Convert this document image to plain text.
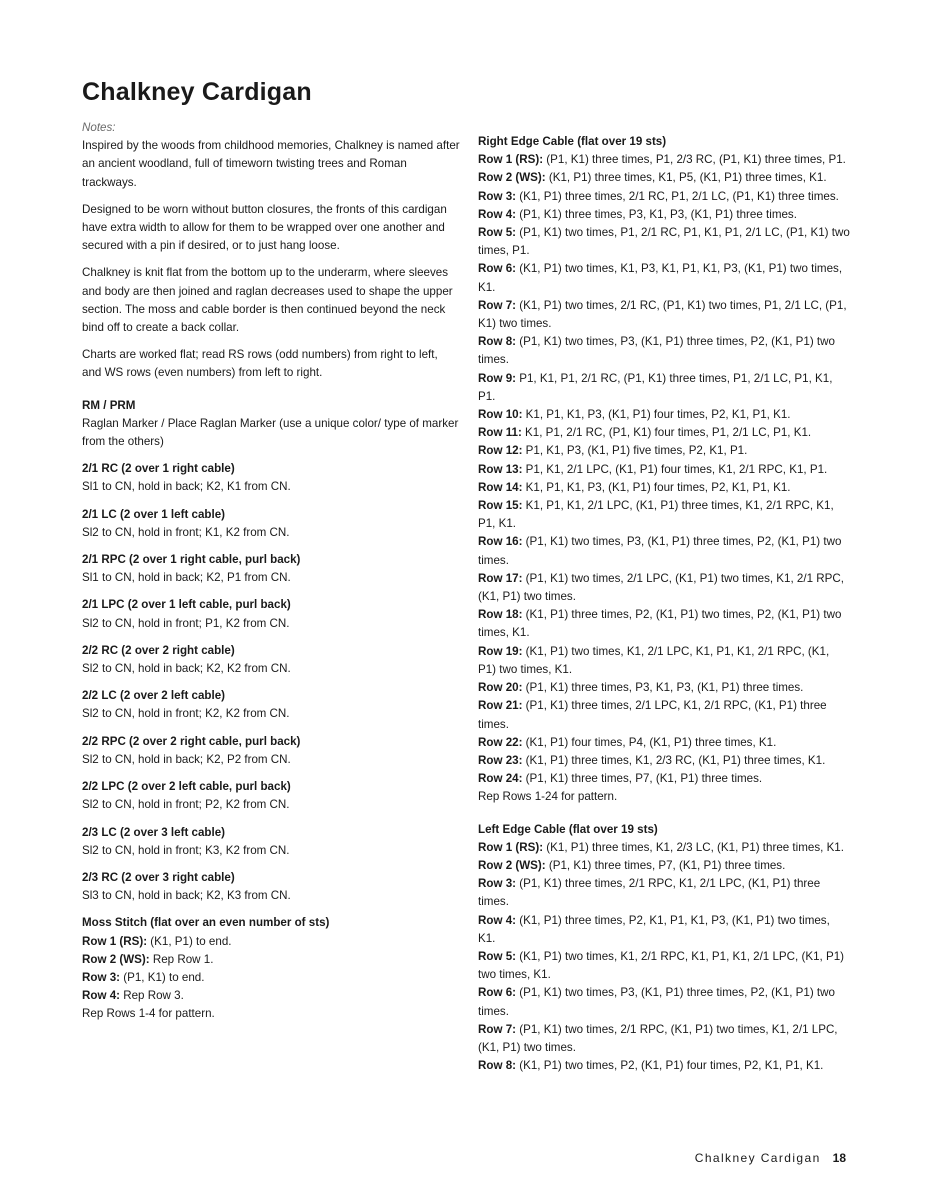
Chalkney Cardigan
Notes:

Inspired by the woods from childhood memories, Chalkney is named after an ancient woodland, full of timeworn twisting trees and Roman trackways.

Designed to be worn without button closures, the fronts of this cardigan have extra width to allow for them to be wrapped over one another and secured with a pin if desired, or to just hang loose.

Chalkney is knit flat from the bottom up to the underarm, where sleeves and body are then joined and raglan decreases used to shape the upper section. The moss and cable border is then continued beyond the neck bind off to create a back collar.

Charts are worked flat; read RS rows (odd numbers) from right to left, and WS rows (even numbers) from left to right.

RM / PRM
Raglan Marker / Place Raglan Marker (use a unique color/ type of marker from the others)
2/1 RC (2 over 1 right cable)
Sl1 to CN, hold in back; K2, K1 from CN.
2/1 LC (2 over 1 left cable)
Sl2 to CN, hold in front; K1, K2 from CN.
2/1 RPC (2 over 1 right cable, purl back)
Sl1 to CN, hold in back; K2, P1 from CN.
2/1 LPC (2 over 1 left cable, purl back)
Sl2 to CN, hold in front; P1, K2 from CN.
2/2 RC (2 over 2 right cable)
Sl2 to CN, hold in back; K2, K2 from CN.
2/2 LC (2 over 2 left cable)
Sl2 to CN, hold in front; K2, K2 from CN.
2/2 RPC (2 over 2 right cable, purl back)
Sl2 to CN, hold in back; K2, P2 from CN.
2/2 LPC (2 over 2 left cable, purl back)
Sl2 to CN, hold in front; P2, K2 from CN.
2/3 LC (2 over 3 left cable)
Sl2 to CN, hold in front; K3, K2 from CN.
2/3 RC (2 over 3 right cable)
Sl3 to CN, hold in back; K2, K3 from CN.
Moss Stitch (flat over an even number of sts)
Row 1 (RS): (K1, P1) to end.
Row 2 (WS): Rep Row 1.
Row 3: (P1, K1) to end.
Row 4: Rep Row 3.
Rep Rows 1-4 for pattern.
Right Edge Cable (flat over 19 sts)
Row 1 (RS): (P1, K1) three times, P1, 2/3 RC, (P1, K1) three times, P1.
Row 2 (WS): (K1, P1) three times, K1, P5, (K1, P1) three times, K1.
Row 3: (K1, P1) three times, 2/1 RC, P1, 2/1 LC, (P1, K1) three times.
Row 4: (P1, K1) three times, P3, K1, P3, (K1, P1) three times.
Row 5: (P1, K1) two times, P1, 2/1 RC, P1, K1, P1, 2/1 LC, (P1, K1) two times, P1.
Row 6: (K1, P1) two times, K1, P3, K1, P1, K1, P3, (K1, P1) two times, K1.
Row 7: (K1, P1) two times, 2/1 RC, (P1, K1) two times, P1, 2/1 LC, (P1, K1) two times.
Row 8: (P1, K1) two times, P3, (K1, P1) three times, P2, (K1, P1) two times.
Row 9: P1, K1, P1, 2/1 RC, (P1, K1) three times, P1, 2/1 LC, P1, K1, P1.
Row 10: K1, P1, K1, P3, (K1, P1) four times, P2, K1, P1, K1.
Row 11: K1, P1, 2/1 RC, (P1, K1) four times, P1, 2/1 LC, P1, K1.
Row 12: P1, K1, P3, (K1, P1) five times, P2, K1, P1.
Row 13: P1, K1, 2/1 LPC, (K1, P1) four times, K1, 2/1 RPC, K1, P1.
Row 14: K1, P1, K1, P3, (K1, P1) four times, P2, K1, P1, K1.
Row 15: K1, P1, K1, 2/1 LPC, (K1, P1) three times, K1, 2/1 RPC, K1, P1, K1.
Row 16: (P1, K1) two times, P3, (K1, P1) three times, P2, (K1, P1) two times.
Row 17: (P1, K1) two times, 2/1 LPC, (K1, P1) two times, K1, 2/1 RPC, (K1, P1) two times.
Row 18: (K1, P1) three times, P2, (K1, P1) two times, P2, (K1, P1) two times, K1.
Row 19: (K1, P1) two times, K1, 2/1 LPC, K1, P1, K1, 2/1 RPC, (K1, P1) two times, K1.
Row 20: (P1, K1) three times, P3, K1, P3, (K1, P1) three times.
Row 21: (P1, K1) three times, 2/1 LPC, K1, 2/1 RPC, (K1, P1) three times.
Row 22: (K1, P1) four times, P4, (K1, P1) three times, K1.
Row 23: (K1, P1) three times, K1, 2/3 RC, (K1, P1) three times, K1.
Row 24: (P1, K1) three times, P7, (K1, P1) three times.
Rep Rows 1-24 for pattern.
Left Edge Cable (flat over 19 sts)
Row 1 (RS): (K1, P1) three times, K1, 2/3 LC, (K1, P1) three times, K1.
Row 2 (WS): (P1, K1) three times, P7, (K1, P1) three times.
Row 3: (P1, K1) three times, 2/1 RPC, K1, 2/1 LPC, (K1, P1) three times.
Row 4: (K1, P1) three times, P2, K1, P1, K1, P3, (K1, P1) two times, K1.
Row 5: (K1, P1) two times, K1, 2/1 RPC, K1, P1, K1, 2/1 LPC, (K1, P1) two times, K1.
Row 6: (P1, K1) two times, P3, (K1, P1) three times, P2, (K1, P1) two times.
Row 7: (P1, K1) two times, 2/1 RPC, (K1, P1) two times, K1, 2/1 LPC, (K1, P1) two times.
Row 8: (K1, P1) two times, P2, (K1, P1) four times, P2, K1, P1, K1.
Chalkney Cardigan 18
